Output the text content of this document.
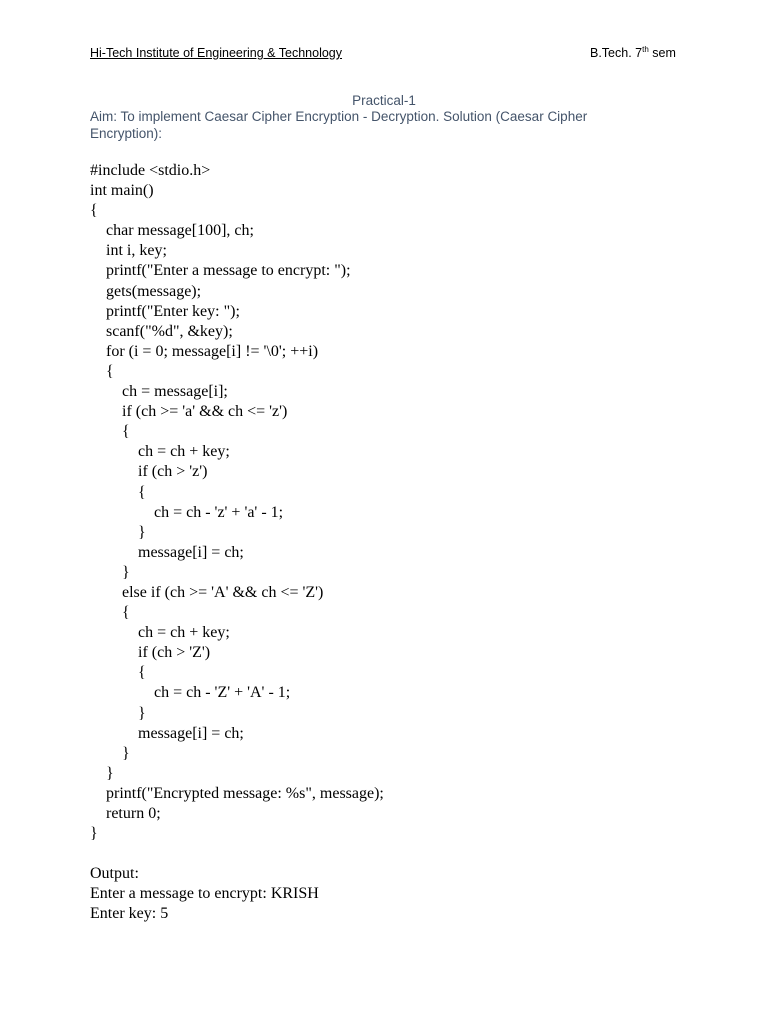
Hi-Tech Institute of Engineering & Technology	B.Tech. 7th sem
Practical-1
Aim: To implement Caesar Cipher Encryption - Decryption. Solution (Caesar Cipher Encryption):
#include <stdio.h>
int main()
{
char message[100], ch;
int i, key;
printf("Enter a message to encrypt: ");
gets(message);
printf("Enter key: ");
scanf("%d", &key);
for (i = 0; message[i] != '\0'; ++i)
{
ch = message[i];
if (ch >= 'a' && ch <= 'z')
{
ch = ch + key;
if (ch > 'z')
{
ch = ch - 'z' + 'a' - 1;
}
message[i] = ch;
}
else if (ch >= 'A' && ch <= 'Z')
{
ch = ch + key;
if (ch > 'Z')
{
ch = ch - 'Z' + 'A' - 1;
}
message[i] = ch;
}
}
printf("Encrypted message: %s", message);
return 0;
}
Output:
Enter a message to encrypt: KRISH
Enter key: 5
